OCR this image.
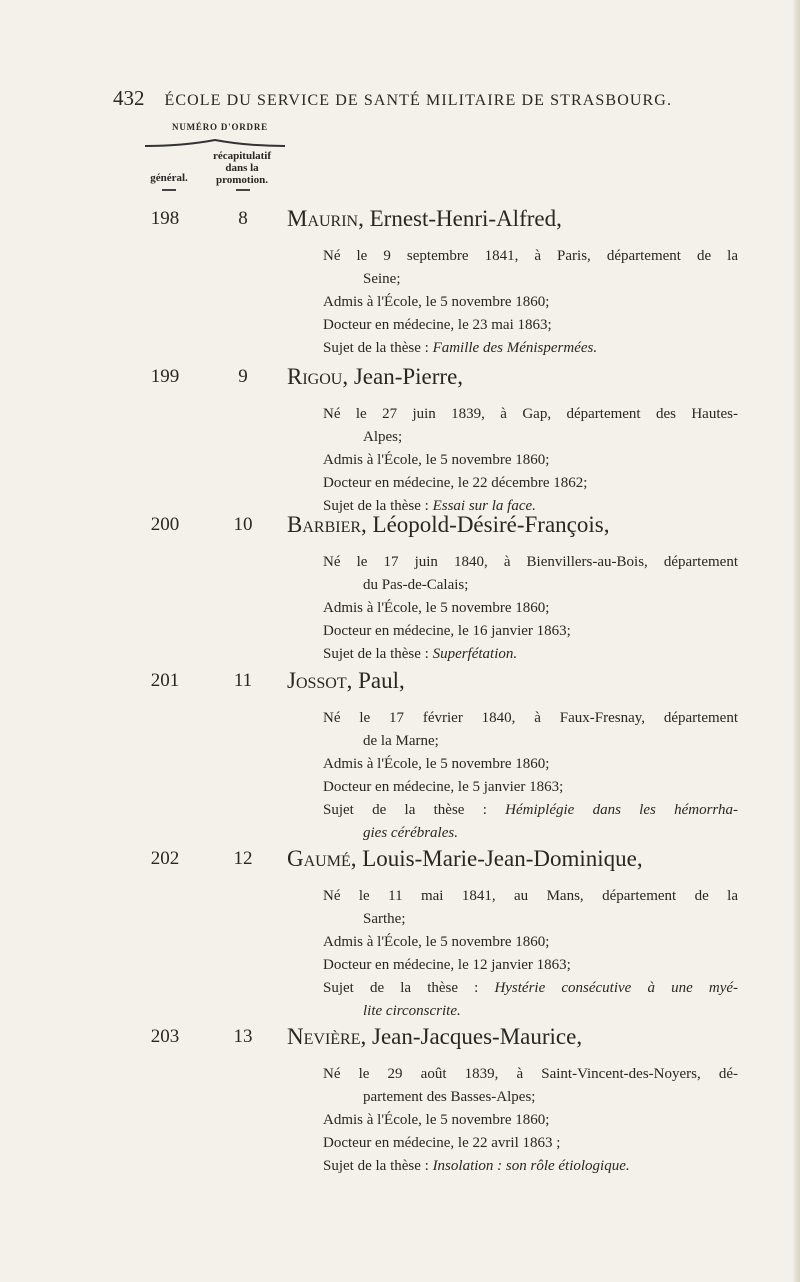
432 ÉCOLE DU SERVICE DE SANTÉ MILITAIRE DE STRASBOURG.
NUMÉRO D'ORDRE
général.
récapitulatif
dans la
promotion.
198	8	Maurin, Ernest-Henri-Alfred,

Né le 9 septembre 1841, à Paris, département de la

Seine;

Admis à l'École, le 5 novembre 1860;

Docteur en médecine, le 23 mai 1863;

Sujet de la thèse : Famille des Ménispermées.

199	9	Rigou, Jean-Pierre,

Né le 27 juin 1839, à Gap, département des Hautes-

Alpes;

Admis à l'École, le 5 novembre 1860;

Docteur en médecine, le 22 décembre 1862;

Sujet de la thèse : Essai sur la face.

200	10	Barbier, Léopold-Désiré-François,

Né le 17 juin 1840, à Bienvillers-au-Bois, département

du Pas-de-Calais;

Admis à l'École, le 5 novembre 1860;

Docteur en médecine, le 16 janvier 1863;

Sujet de la thèse : Superfétation.

201	11	Jossot, Paul,

Né le 17 février 1840, à Faux-Fresnay, département

de la Marne;

Admis à l'École, le 5 novembre 1860;

Docteur en médecine, le 5 janvier 1863;

Sujet de la thèse : Hémiplégie dans les hémorrha-

gies cérébrales.

202	12	Gaumé, Louis-Marie-Jean-Dominique,

Né le 11 mai 1841, au Mans, département de la

Sarthe;

Admis à l'École, le 5 novembre 1860;

Docteur en médecine, le 12 janvier 1863;

Sujet de la thèse : Hystérie consécutive à une myé-

lite circonscrite.

203	13	Nevière, Jean-Jacques-Maurice,

Né le 29 août 1839, à Saint-Vincent-des-Noyers, dé-

partement des Basses-Alpes;

Admis à l'École, le 5 novembre 1860;

Docteur en médecine, le 22 avril 1863 ;

Sujet de la thèse : Insolation : son rôle étiologique.
